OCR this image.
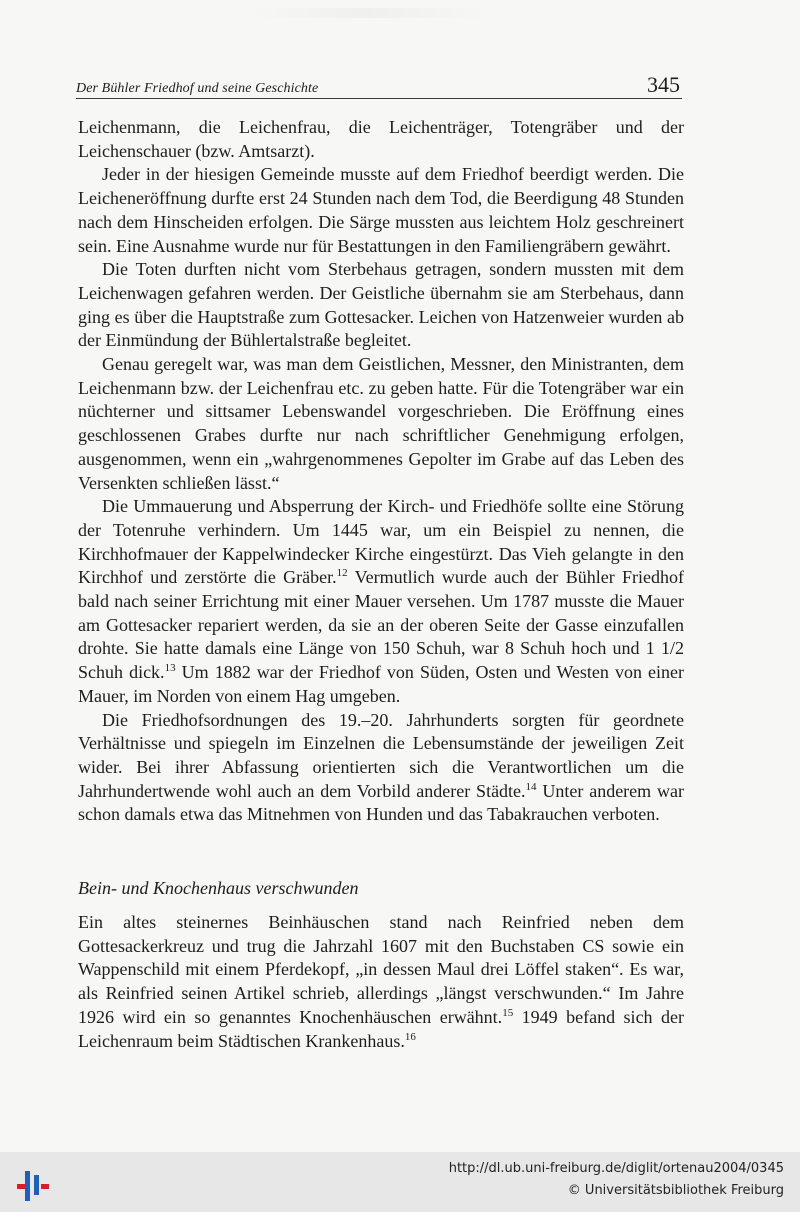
Der Bühler Friedhof und seine Geschichte	345

Leichenmann, die Leichenfrau, die Leichenträger, Totengräber und der Leichenschauer (bzw. Amtsarzt).

Jeder in der hiesigen Gemeinde musste auf dem Friedhof beerdigt werden. Die Leicheneröffnung durfte erst 24 Stunden nach dem Tod, die Beerdigung 48 Stunden nach dem Hinscheiden erfolgen. Die Särge mussten aus leichtem Holz geschreinert sein. Eine Ausnahme wurde nur für Bestattungen in den Familiengräbern gewährt.

Die Toten durften nicht vom Sterbehaus getragen, sondern mussten mit dem Leichenwagen gefahren werden. Der Geistliche übernahm sie am Sterbehaus, dann ging es über die Hauptstraße zum Gottesacker. Leichen von Hatzenweier wurden ab der Einmündung der Bühlertalstraße begleitet.

Genau geregelt war, was man dem Geistlichen, Messner, den Ministranten, dem Leichenmann bzw. der Leichenfrau etc. zu geben hatte. Für die Totengräber war ein nüchterner und sittsamer Lebenswandel vorgeschrieben. Die Eröffnung eines geschlossenen Grabes durfte nur nach schriftlicher Genehmigung erfolgen, ausgenommen, wenn ein „wahrgenommenes Gepolter im Grabe auf das Leben des Versenkten schließen lässt.“

Die Ummauerung und Absperrung der Kirch- und Friedhöfe sollte eine Störung der Totenruhe verhindern. Um 1445 war, um ein Beispiel zu nennen, die Kirchhofmauer der Kappelwindecker Kirche eingestürzt. Das Vieh gelangte in den Kirchhof und zerstörte die Gräber.$^{12}$ Vermutlich wurde auch der Bühler Friedhof bald nach seiner Errichtung mit einer Mauer versehen. Um 1787 musste die Mauer am Gottesacker repariert werden, da sie an der oberen Seite der Gasse einzufallen drohte. Sie hatte damals eine Länge von 150 Schuh, war 8 Schuh hoch und 1 1/2 Schuh dick.$^{13}$ Um 1882 war der Friedhof von Süden, Osten und Westen von einer Mauer, im Norden von einem Hag umgeben.

Die Friedhofsordnungen des 19.–20. Jahrhunderts sorgten für geordnete Verhältnisse und spiegeln im Einzelnen die Lebensumstände der jeweiligen Zeit wider. Bei ihrer Abfassung orientierten sich die Verantwortlichen um die Jahrhundertwende wohl auch an dem Vorbild anderer Städte.$^{14}$ Unter anderem war schon damals etwa das Mitnehmen von Hunden und das Tabakrauchen verboten.

Bein- und Knochenhaus verschwunden

Ein altes steinernes Beinhäuschen stand nach Reinfried neben dem Gottesackerkreuz und trug die Jahrzahl 1607 mit den Buchstaben CS sowie ein Wappenschild mit einem Pferdekopf, „in dessen Maul drei Löffel staken“. Es war, als Reinfried seinen Artikel schrieb, allerdings „längst verschwunden.“ Im Jahre 1926 wird ein so genanntes Knochenhäuschen erwähnt.$^{15}$ 1949 befand sich der Leichenraum beim Städtischen Krankenhaus.$^{16}$

http://dl.ub.uni-freiburg.de/diglit/ortenau2004/0345
© Universitätsbibliothek Freiburg
